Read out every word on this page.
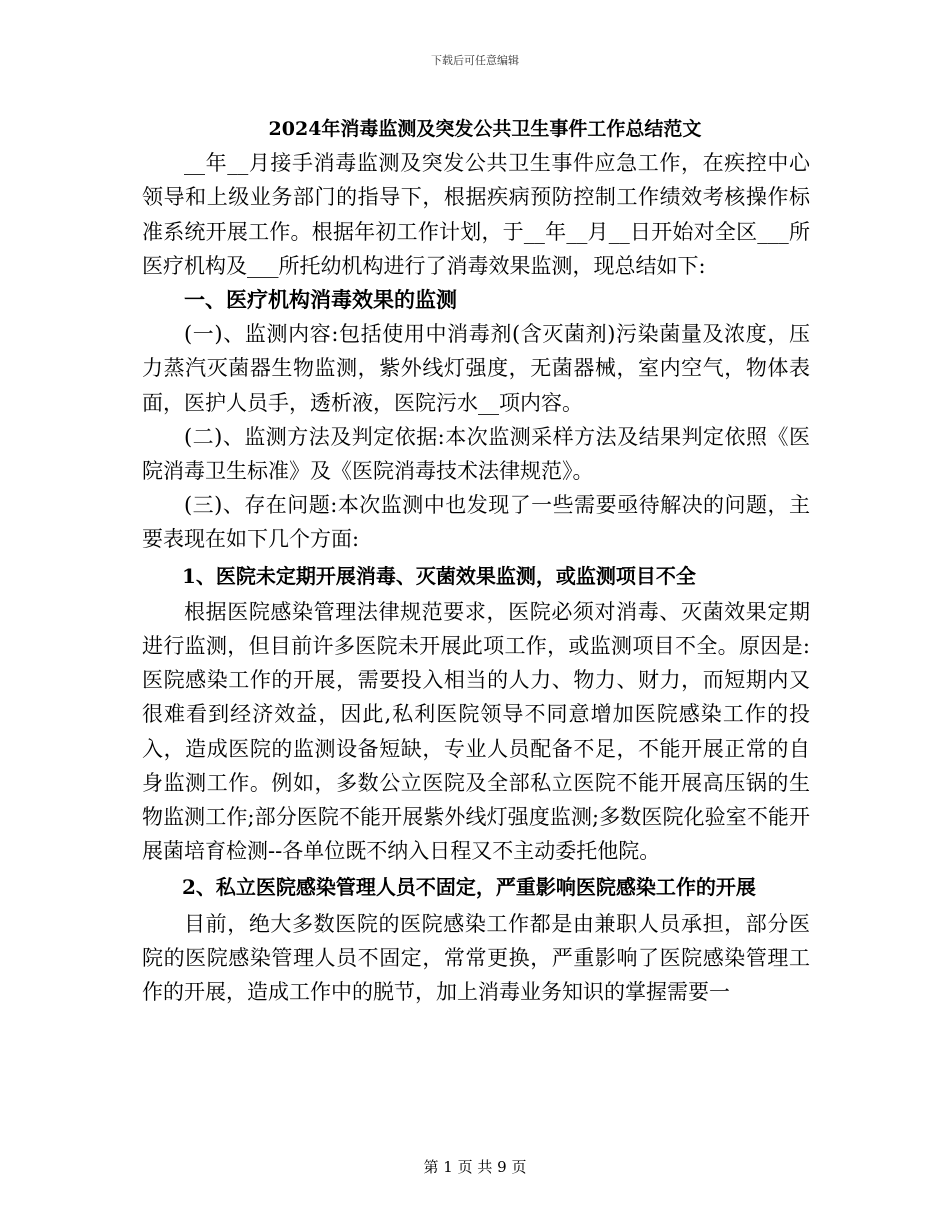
下载后可任意编辑
2024年消毒监测及突发公共卫生事件工作总结范文

__年__月接手消毒监测及突发公共卫生事件应急工作，在疾控中心领导和上级业务部门的指导下，根据疾病预防控制工作绩效考核操作标准系统开展工作。根据年初工作计划，于__年__月__日开始对全区___所医疗机构及___所托幼机构进行了消毒效果监测，现总结如下:

一、医疗机构消毒效果的监测

(一)、监测内容:包括使用中消毒剂(含灭菌剂)污染菌量及浓度，压力蒸汽灭菌器生物监测，紫外线灯强度，无菌器械，室内空气，物体表面，医护人员手，透析液，医院污水__项内容。

(二)、监测方法及判定依据:本次监测采样方法及结果判定依照《医院消毒卫生标准》及《医院消毒技术法律规范》。

(三)、存在问题:本次监测中也发现了一些需要亟待解决的问题，主要表现在如下几个方面:

1、医院未定期开展消毒、灭菌效果监测，或监测项目不全

根据医院感染管理法律规范要求，医院必须对消毒、灭菌效果定期进行监测，但目前许多医院未开展此项工作，或监测项目不全。原因是:医院感染工作的开展，需要投入相当的人力、物力、财力，而短期内又很难看到经济效益，因此,私利医院领导不同意增加医院感染工作的投入，造成医院的监测设备短缺，专业人员配备不足，不能开展正常的自身监测工作。例如，多数公立医院及全部私立医院不能开展高压锅的生物监测工作;部分医院不能开展紫外线灯强度监测;多数医院化验室不能开展菌培育检测--各单位既不纳入日程又不主动委托他院。

2、私立医院感染管理人员不固定，严重影响医院感染工作的开展

目前，绝大多数医院的医院感染工作都是由兼职人员承担，部分医院的医院感染管理人员不固定，常常更换，严重影响了医院感染管理工作的开展，造成工作中的脱节，加上消毒业务知识的掌握需要一

第 1 页 共 9 页
